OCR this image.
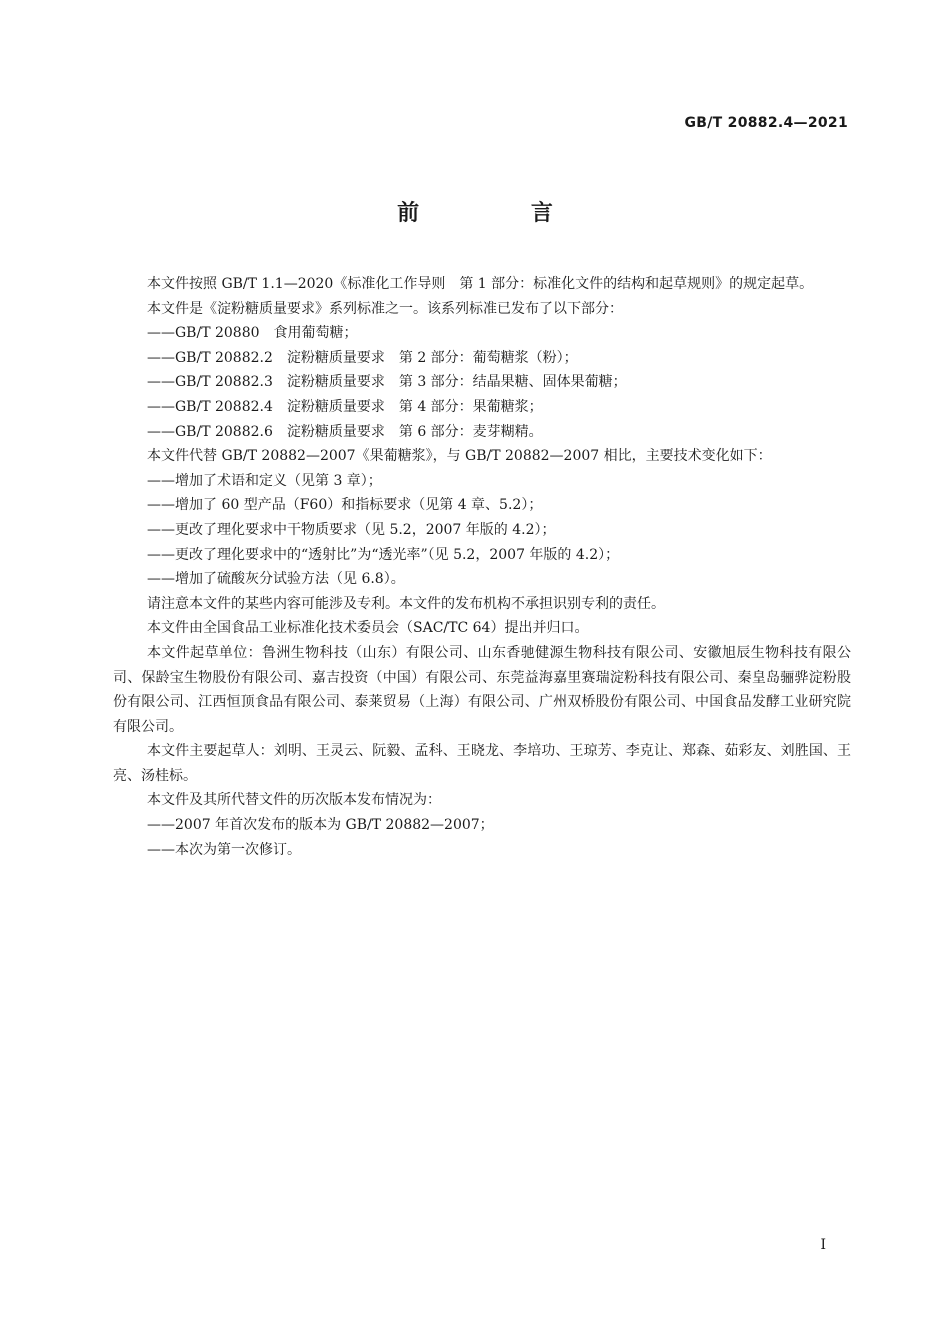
GB/T 20882.4—2021
前 言

本文件按照 GB/T 1.1—2020《标准化工作导则　第 1 部分：标准化文件的结构和起草规则》的规定起草。

本文件是《淀粉糖质量要求》系列标准之一。该系列标准已发布了以下部分：

——GB/T 20880　食用葡萄糖；

——GB/T 20882.2　淀粉糖质量要求　第 2 部分：葡萄糖浆（粉）；

——GB/T 20882.3　淀粉糖质量要求　第 3 部分：结晶果糖、固体果葡糖；

——GB/T 20882.4　淀粉糖质量要求　第 4 部分：果葡糖浆；

——GB/T 20882.6　淀粉糖质量要求　第 6 部分：麦芽糊精。

本文件代替 GB/T 20882—2007《果葡糖浆》，与 GB/T 20882—2007 相比，主要技术变化如下：

——增加了术语和定义（见第 3 章）；

——增加了 60 型产品（F60）和指标要求（见第 4 章、5.2）；

——更改了理化要求中干物质要求（见 5.2，2007 年版的 4.2）；

——更改了理化要求中的“透射比”为“透光率”（见 5.2，2007 年版的 4.2）；

——增加了硫酸灰分试验方法（见 6.8）。

请注意本文件的某些内容可能涉及专利。本文件的发布机构不承担识别专利的责任。

本文件由全国食品工业标准化技术委员会（SAC/TC 64）提出并归口。

本文件起草单位：鲁洲生物科技（山东）有限公司、山东香驰健源生物科技有限公司、安徽旭辰生物科技有限公司、保龄宝生物股份有限公司、嘉吉投资（中国）有限公司、东莞益海嘉里赛瑞淀粉科技有限公司、秦皇岛骊骅淀粉股份有限公司、江西恒顶食品有限公司、泰莱贸易（上海）有限公司、广州双桥股份有限公司、中国食品发酵工业研究院有限公司。

本文件主要起草人：刘明、王灵云、阮毅、孟科、王晓龙、李培功、王琼芳、李克让、郑森、茹彩友、刘胜国、王亮、汤桂标。

本文件及其所代替文件的历次版本发布情况为：

——2007 年首次发布的版本为 GB/T 20882—2007；

——本次为第一次修订。

I
